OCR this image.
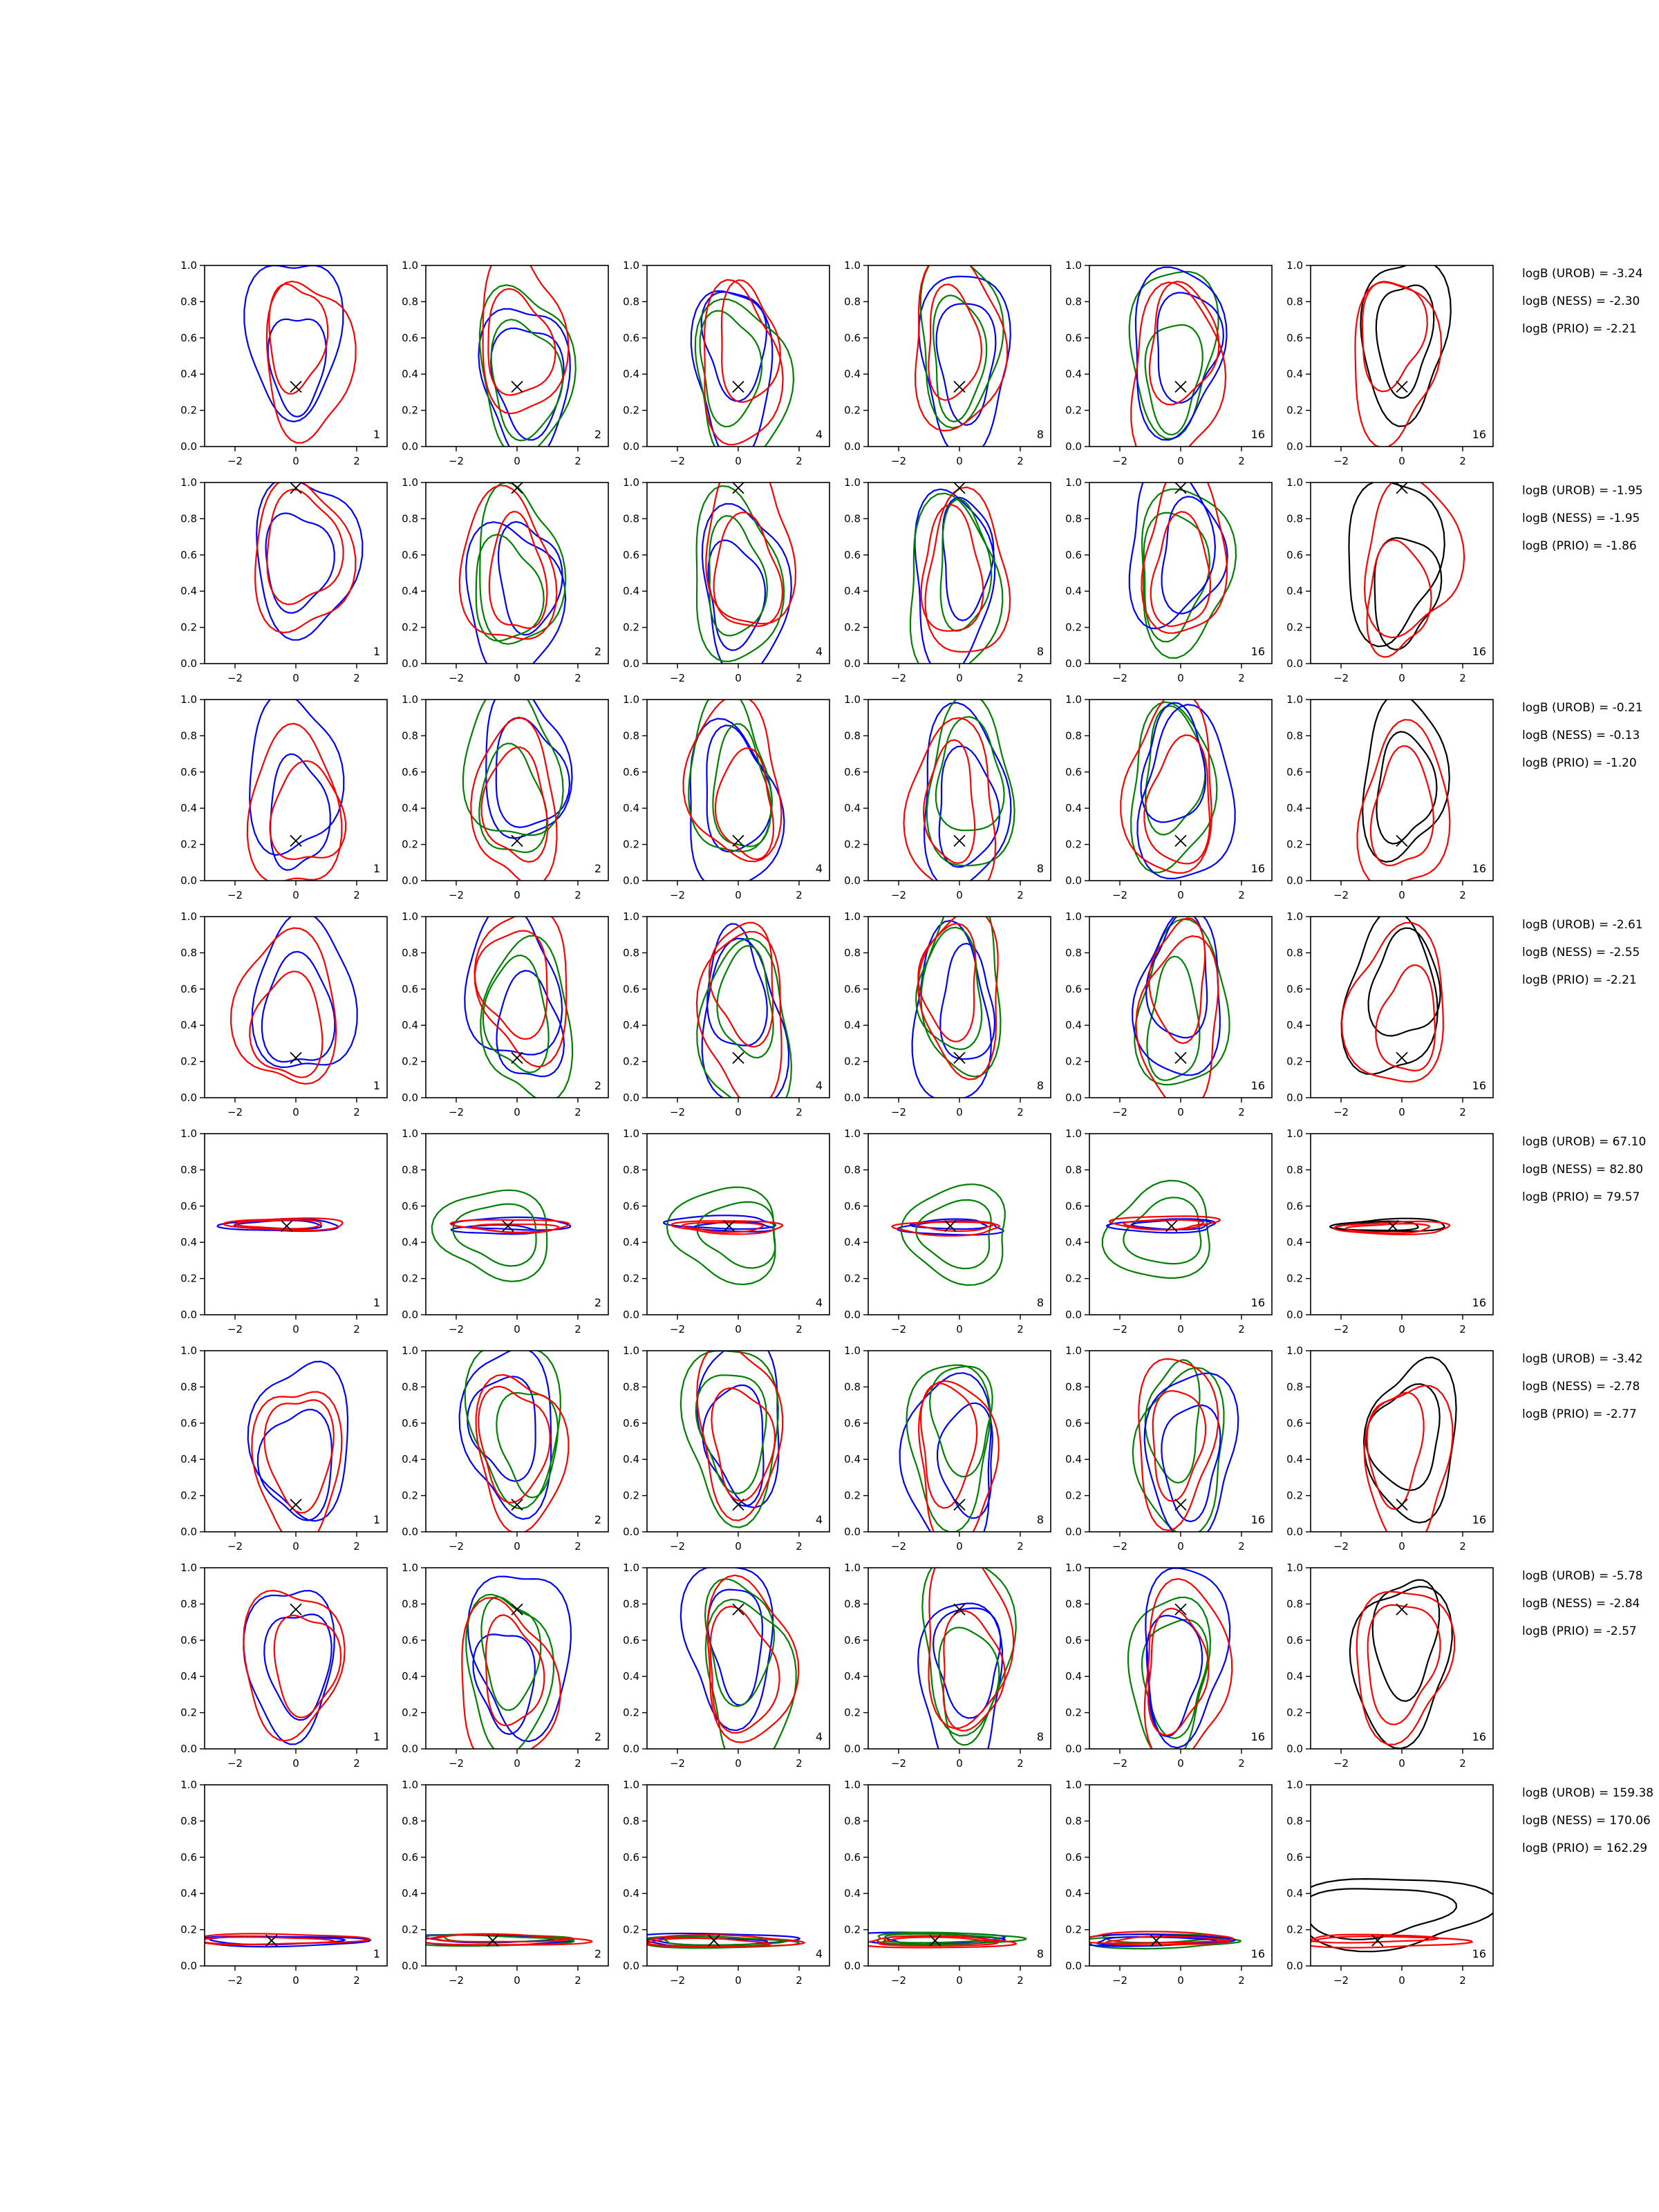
−2	0	2
0.0
0.2
0.4
0.6
0.8
1.0
1
−2	0	2
0.0
0.2
0.4
0.6
0.8
1.0
2
−2	0	2
0.0
0.2
0.4
0.6
0.8
1.0
4
−2	0	2
0.0
0.2
0.4
0.6
0.8
1.0
8
−2	0	2
0.0
0.2
0.4
0.6
0.8
1.0
16
−2	0	2
0.0
0.2
0.4
0.6
0.8
1.0
16
−2	0	2
0.0
0.2
0.4
0.6
0.8
1.0
1
−2	0	2
0.0
0.2
0.4
0.6
0.8
1.0
2
−2	0	2
0.0
0.2
0.4
0.6
0.8
1.0
4
−2	0	2
0.0
0.2
0.4
0.6
0.8
1.0
8
−2	0	2
0.0
0.2
0.4
0.6
0.8
1.0
16
−2	0	2
0.0
0.2
0.4
0.6
0.8
1.0
16
−2	0	2
0.0
0.2
0.4
0.6
0.8
1.0
1
−2	0	2
0.0
0.2
0.4
0.6
0.8
1.0
2
−2	0	2
0.0
0.2
0.4
0.6
0.8
1.0
4
−2	0	2
0.0
0.2
0.4
0.6
0.8
1.0
8
−2	0	2
0.0
0.2
0.4
0.6
0.8
1.0
16
−2	0	2
0.0
0.2
0.4
0.6
0.8
1.0
16
−2	0	2
0.0
0.2
0.4
0.6
0.8
1.0
1
−2	0	2
0.0
0.2
0.4
0.6
0.8
1.0
2
−2	0	2
0.0
0.2
0.4
0.6
0.8
1.0
4
−2	0	2
0.0
0.2
0.4
0.6
0.8
1.0
8
−2	0	2
0.0
0.2
0.4
0.6
0.8
1.0
16
−2	0	2
0.0
0.2
0.4
0.6
0.8
1.0
16
−2	0	2
0.0
0.2
0.4
0.6
0.8
1.0
1
−2	0	2
0.0
0.2
0.4
0.6
0.8
1.0
2
−2	0	2
0.0
0.2
0.4
0.6
0.8
1.0
4
−2	0	2
0.0
0.2
0.4
0.6
0.8
1.0
8
−2	0	2
0.0
0.2
0.4
0.6
0.8
1.0
16
−2	0	2
0.0
0.2
0.4
0.6
0.8
1.0
16
−2	0	2
0.0
0.2
0.4
0.6
0.8
1.0
1
−2	0	2
0.0
0.2
0.4
0.6
0.8
1.0
2
−2	0	2
0.0
0.2
0.4
0.6
0.8
1.0
4
−2	0	2
0.0
0.2
0.4
0.6
0.8
1.0
8
−2	0	2
0.0
0.2
0.4
0.6
0.8
1.0
16
−2	0	2
0.0
0.2
0.4
0.6
0.8
1.0
16
−2	0	2
0.0
0.2
0.4
0.6
0.8
1.0
1
−2	0	2
0.0
0.2
0.4
0.6
0.8
1.0
2
−2	0	2
0.0
0.2
0.4
0.6
0.8
1.0
4
−2	0	2
0.0
0.2
0.4
0.6
0.8
1.0
8
−2	0	2
0.0
0.2
0.4
0.6
0.8
1.0
16
−2	0	2
0.0
0.2
0.4
0.6
0.8
1.0
16
−2	0	2
0.0
0.2
0.4
0.6
0.8
1.0
1
−2	0	2
0.0
0.2
0.4
0.6
0.8
1.0
2
−2	0	2
0.0
0.2
0.4
0.6
0.8
1.0
4
−2	0	2
0.0
0.2
0.4
0.6
0.8
1.0
8
−2	0	2
0.0
0.2
0.4
0.6
0.8
1.0
16
−2	0	2
0.0
0.2
0.4
0.6
0.8
1.0
16
logB (UROB) = -3.24
logB (NESS) = -2.30
logB (PRIO) = -2.21
logB (UROB) = -1.95
logB (NESS) = -1.95
logB (PRIO) = -1.86
logB (UROB) = -0.21
logB (NESS) = -0.13
logB (PRIO) = -1.20
logB (UROB) = -2.61
logB (NESS) = -2.55
logB (PRIO) = -2.21
logB (UROB) = 67.10
logB (NESS) = 82.80
logB (PRIO) = 79.57
logB (UROB) = -3.42
logB (NESS) = -2.78
logB (PRIO) = -2.77
logB (UROB) = -5.78
logB (NESS) = -2.84
logB (PRIO) = -2.57
logB (UROB) = 159.38
logB (NESS) = 170.06
logB (PRIO) = 162.29
